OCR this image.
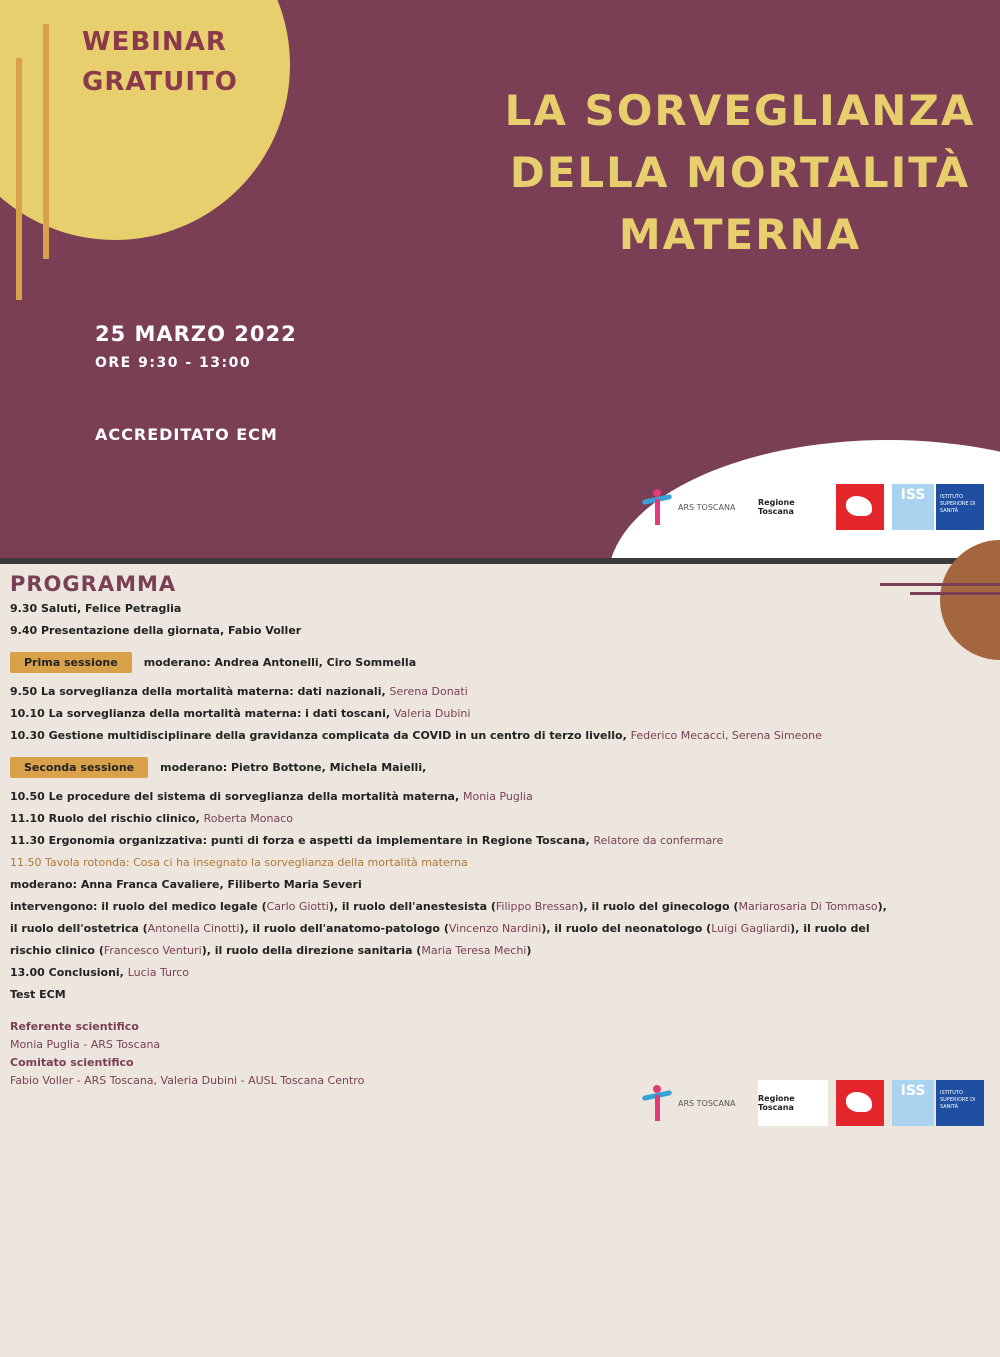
WEBINAR
GRATUITO
LA SORVEGLIANZA
DELLA MORTALITÀ
MATERNA
25 MARZO 2022
ORE 9:30 - 13:00
ACCREDITATO ECM
ARS TOSCANA	Regione Toscana
ISS	ISTITUTO SUPERIORE DI SANITÀ
PROGRAMMA
9.30 Saluti, Felice Petraglia
9.40 Presentazione della giornata, Fabio Voller
Prima sessione	moderano: Andrea Antonelli, Ciro Sommella
9.50 La sorveglianza della mortalità materna: dati nazionali, Serena Donati
10.10 La sorveglianza della mortalità materna: i dati toscani, Valeria Dubini
10.30 Gestione multidisciplinare della gravidanza complicata da COVID in un centro di terzo livello, Federico Mecacci, Serena Simeone
Seconda sessione	moderano: Pietro Bottone, Michela Maielli,
10.50 Le procedure del sistema di sorveglianza della mortalità materna, Monia Puglia
11.10 Ruolo del rischio clinico, Roberta Monaco
11.30 Ergonomia organizzativa: punti di forza e aspetti da implementare in Regione Toscana, Relatore da confermare
11.50 Tavola rotonda: Cosa ci ha insegnato la sorveglianza della mortalità materna
moderano: Anna Franca Cavaliere, Filiberto Maria Severi
intervengono: il ruolo del medico legale (Carlo Giotti), il ruolo dell'anestesista (Filippo Bressan), il ruolo del ginecologo (Mariarosaria Di Tommaso), il ruolo dell'ostetrica (Antonella Cinotti), il ruolo dell'anatomo-patologo (Vincenzo Nardini), il ruolo del neonatologo (Luigi Gagliardi), il ruolo del rischio clinico (Francesco Venturi), il ruolo della direzione sanitaria (Maria Teresa Mechi)
13.00 Conclusioni, Lucia Turco
Test ECM
Referente scientifico
Monia Puglia - ARS Toscana
Comitato scientifico
Fabio Voller - ARS Toscana, Valeria Dubini - AUSL Toscana Centro
ARS TOSCANA	Regione Toscana
ISS	ISTITUTO SUPERIORE DI SANITÀ
